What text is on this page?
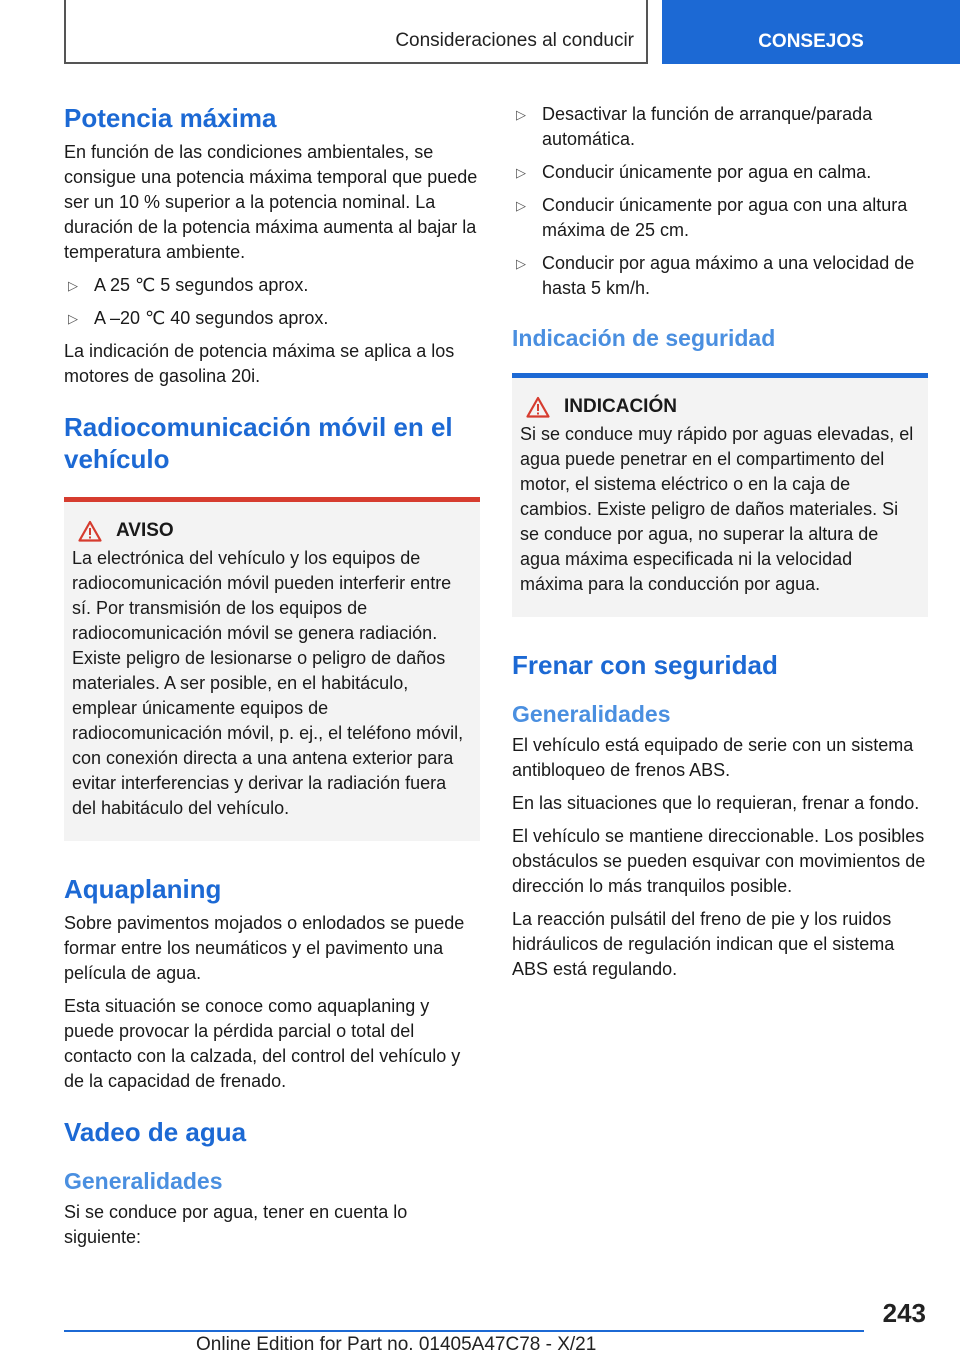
Consideraciones al conducir	CONSEJOS
Potencia máxima

En función de las condiciones ambientales, se consigue una potencia máxima temporal que puede ser un 10 % superior a la potencia nominal. La duración de la potencia máxima aumenta al bajar la temperatura ambiente.

▷ A 25 ℃ 5 segundos aprox.
▷ A –20 ℃ 40 segundos aprox.

La indicación de potencia máxima se aplica a los motores de gasolina 20i.

Radiocomunicación móvil en el vehículo
AVISO

La electrónica del vehículo y los equipos de radiocomunicación móvil pueden interferir entre sí. Por transmisión de los equipos de radiocomunicación móvil se genera radiación. Existe peligro de lesionarse o peligro de daños materiales. A ser posible, en el habitáculo, emplear únicamente equipos de radiocomunicación móvil, p. ej., el teléfono móvil, con conexión directa a una antena exterior para evitar interferencias y derivar la radiación fuera del habitáculo del vehículo.

Aquaplaning

Sobre pavimentos mojados o enlodados se puede formar entre los neumáticos y el pavimento una película de agua.

Esta situación se conoce como aquaplaning y puede provocar la pérdida parcial o total del contacto con la calzada, del control del vehículo y de la capacidad de frenado.

Vadeo de agua
Generalidades

Si se conduce por agua, tener en cuenta lo siguiente:

▷ Desactivar la función de arranque/parada automática.
▷ Conducir únicamente por agua en calma.
▷ Conducir únicamente por agua con una altura máxima de 25 cm.
▷ Conducir por agua máximo a una velocidad de hasta 5 km/h.
Indicación de seguridad
INDICACIÓN

Si se conduce muy rápido por aguas elevadas, el agua puede penetrar en el compartimento del motor, el sistema eléctrico o en la caja de cambios. Existe peligro de daños materiales. Si se conduce por agua, no superar la altura de agua máxima especificada ni la velocidad máxima para la conducción por agua.

Frenar con seguridad
Generalidades

El vehículo está equipado de serie con un sistema antibloqueo de frenos ABS.

En las situaciones que lo requieran, frenar a fondo.

El vehículo se mantiene direccionable. Los posibles obstáculos se pueden esquivar con movimientos de dirección lo más tranquilos posible.

La reacción pulsátil del freno de pie y los ruidos hidráulicos de regulación indican que el sistema ABS está regulando.

243
Online Edition for Part no. 01405A47C78 - X/21
